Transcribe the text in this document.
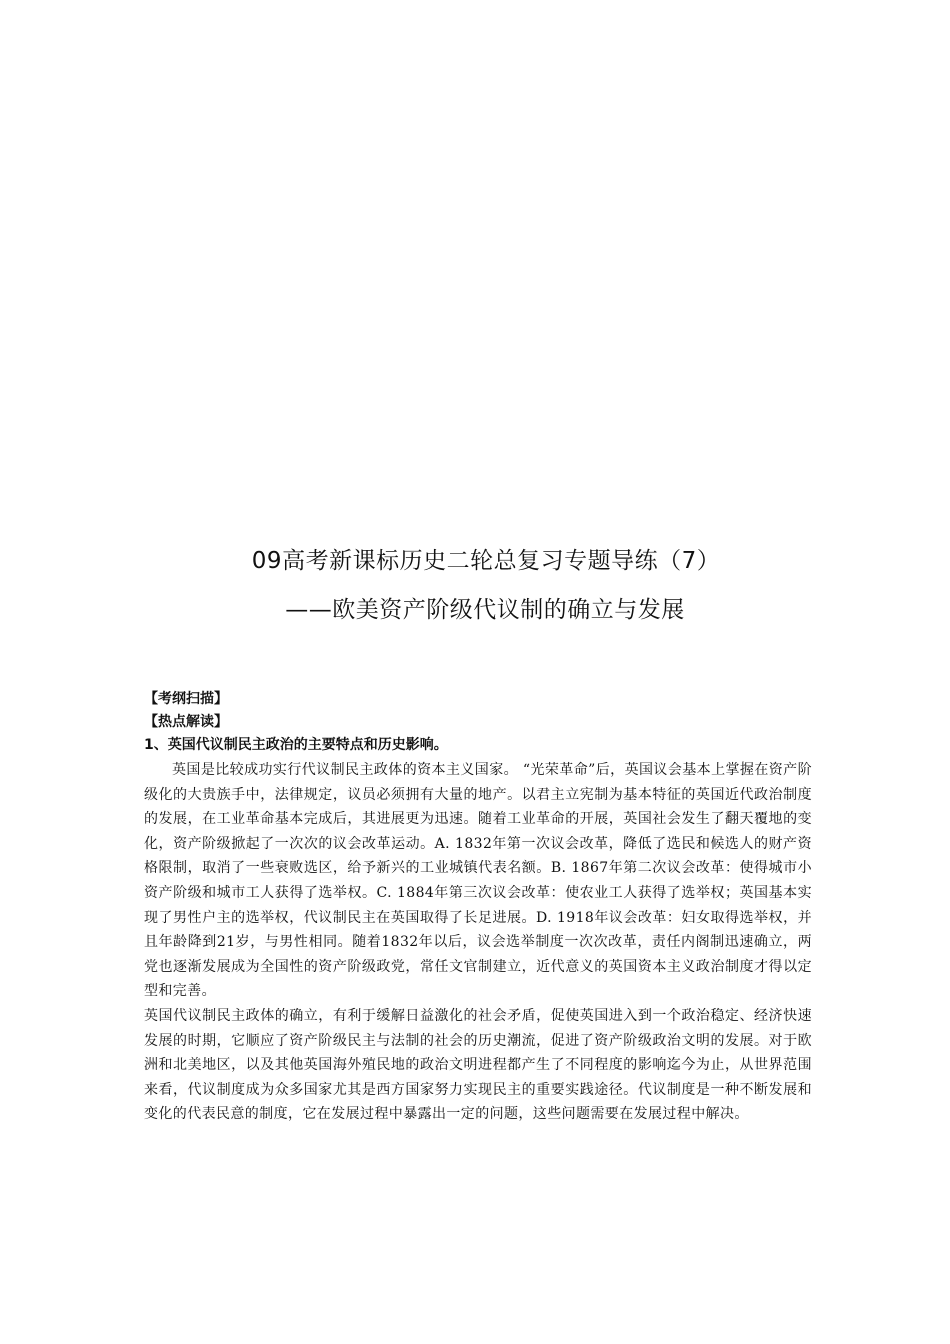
09高考新课标历史二轮总复习专题导练（7）
——欧美资产阶级代议制的确立与发展
【考纲扫描】
【热点解读】
1、英国代议制民主政治的主要特点和历史影响。

英国是比较成功实行代议制民主政体的资本主义国家。 “光荣革命”后，英国议会基本上掌握在资产阶级化的大贵族手中，法律规定，议员必须拥有大量的地产。以君主立宪制为基本特征的英国近代政治制度的发展，在工业革命基本完成后，其进展更为迅速。随着工业革命的开展，英国社会发生了翻天覆地的变化，资产阶级掀起了一次次的议会改革运动。A. 1832年第一次议会改革，降低了选民和候选人的财产资格限制，取消了一些衰败选区，给予新兴的工业城镇代表名额。B. 1867年第二次议会改革：使得城市小资产阶级和城市工人获得了选举权。C. 1884年第三次议会改革：使农业工人获得了选举权；英国基本实现了男性户主的选举权，代议制民主在英国取得了长足进展。D. 1918年议会改革：妇女取得选举权，并且年龄降到21岁，与男性相同。随着1832年以后，议会选举制度一次次改革，责任内阁制迅速确立，两党也逐渐发展成为全国性的资产阶级政党，常任文官制建立，近代意义的英国资本主义政治制度才得以定型和完善。

英国代议制民主政体的确立，有利于缓解日益激化的社会矛盾，促使英国进入到一个政治稳定、经济快速发展的时期，它顺应了资产阶级民主与法制的社会的历史潮流，促进了资产阶级政治文明的发展。对于欧洲和北美地区，以及其他英国海外殖民地的政治文明进程都产生了不同程度的影响迄今为止，从世界范围来看，代议制度成为众多国家尤其是西方国家努力实现民主的重要实践途径。代议制度是一种不断发展和变化的代表民意的制度，它在发展过程中暴露出一定的问题，这些问题需要在发展过程中解决。
